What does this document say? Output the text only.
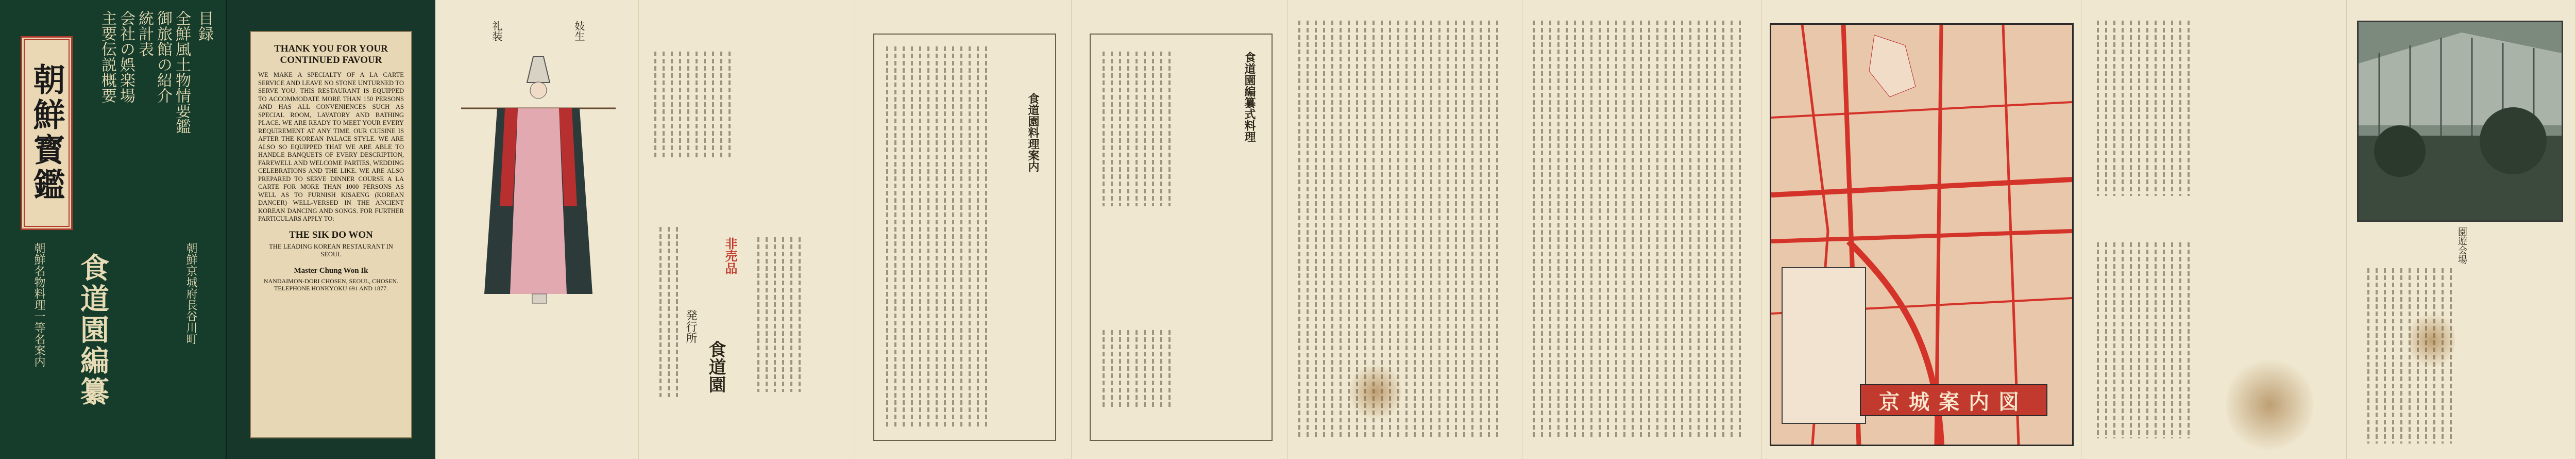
朝鮮寳鑑
目録
全鮮風土物情要鑑
御旅館の紹介
統計表
会社の娯楽場
主要伝説概要
朝鮮名物料理一等名案内 食道園編纂	朝鮮京城府長谷川町
THANK YOU FOR YOUR CONTINUED FAVOUR
WE MAKE A SPECIALTY OF A LA CARTE SERVICE AND LEAVE NO STONE UNTURNED TO SERVE YOU. THIS RESTAURANT IS EQUIPPED TO ACCOMMODATE MORE THAN 150 PERSONS AND HAS ALL CONVENIENCES SUCH AS SPECIAL ROOM, LAVATORY AND BATHING PLACE. WE ARE READY TO MEET YOUR EVERY REQUIREMENT AT ANY TIME. OUR CUISINE IS AFTER THE KOREAN PALACE STYLE. WE ARE ALSO SO EQUIPPED THAT WE ARE ABLE TO HANDLE BANQUETS OF EVERY DESCRIPTION, FAREWELL AND WELCOME PARTIES, WEDDING CELEBRATIONS AND THE LIKE. WE ARE ALSO PREPARED TO SERVE DINNER COURSE A LA CARTE FOR MORE THAN 1000 PERSONS AS WELL AS TO FURNISH KISAENG (KOREAN DANCER) WELL-VERSED IN THE ANCIENT KOREAN DANCING AND SONGS. FOR FURTHER PARTICULARS APPLY TO:
THE SIK DO WON
THE LEADING KOREAN RESTAURANT IN SEOUL
Master Chung Won Ik
NANDAIMON-DORI CHOSEN, SEOUL, CHOSEN. TELEPHONE HONKYOKU 691 AND 1877.
礼装	妓生
非売品
発行所
食道園
食道園料理案内	食道園編纂式料理
京城案内図
園遊会場
